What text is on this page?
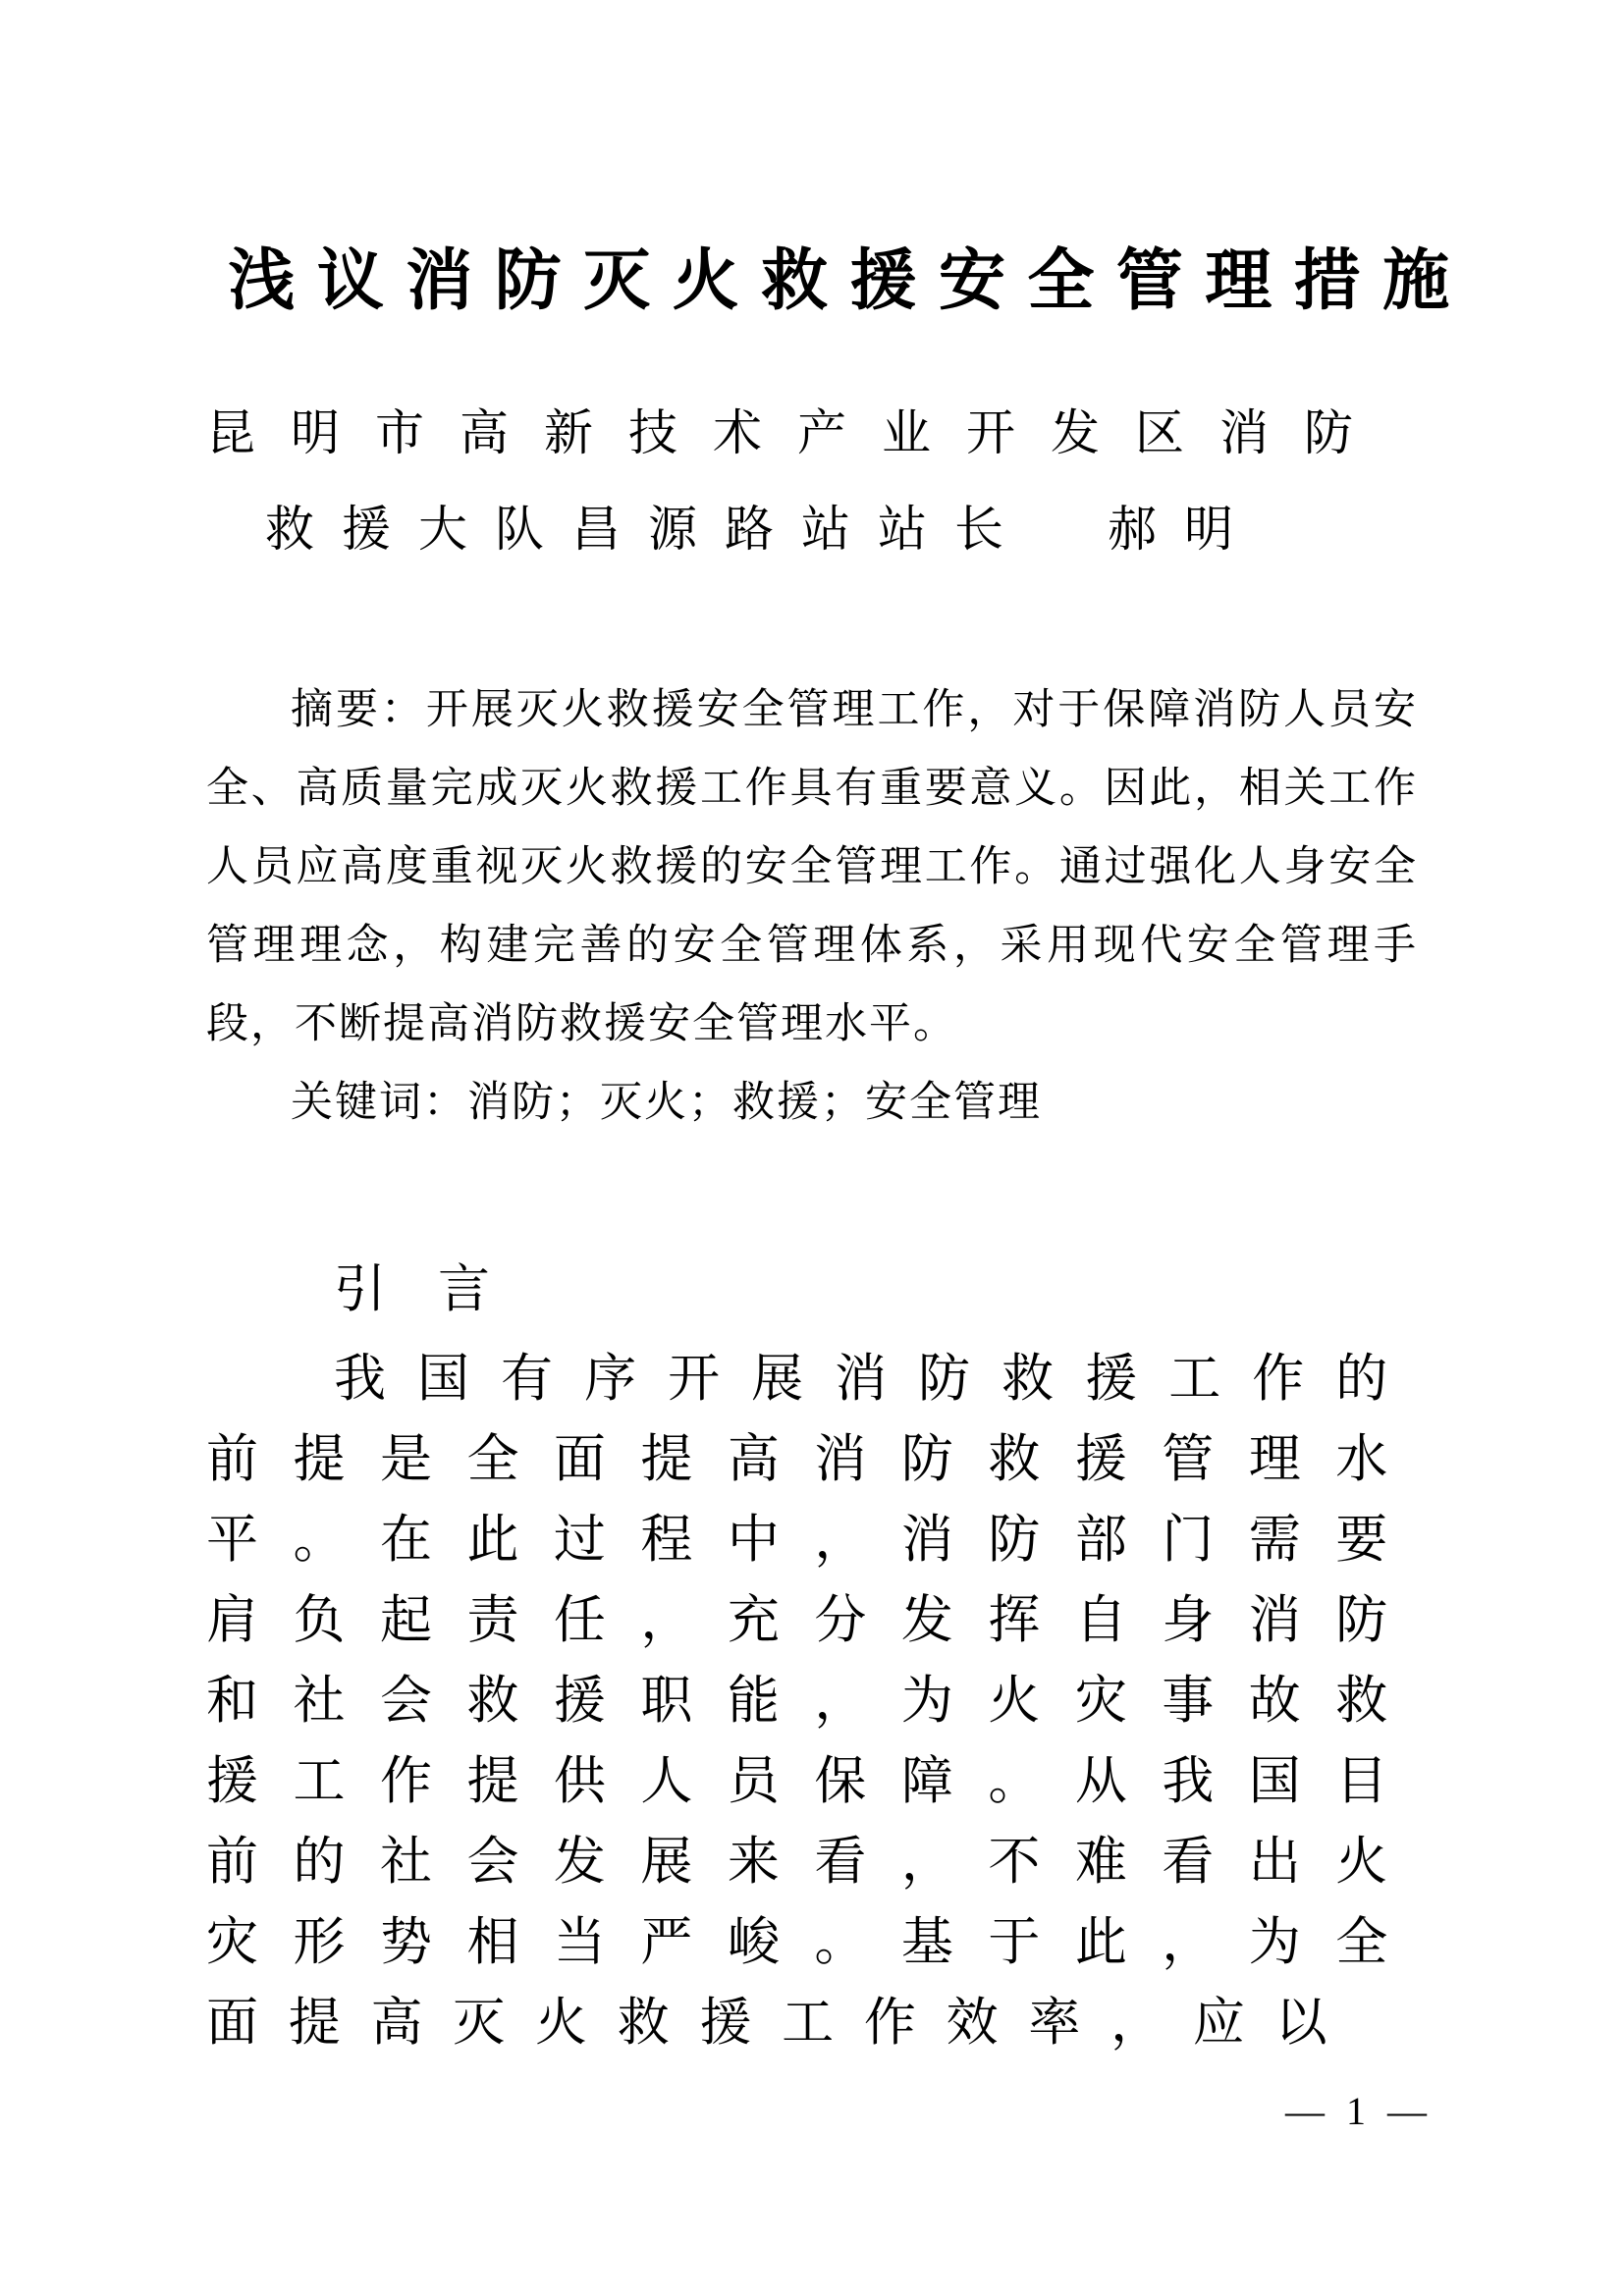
浅议消防灭火救援安全管理措施
昆明市高新技术产业开发区消防
救援大队昌源路站站长　郝明

摘要：开展灭火救援安全管理工作，对于保障消防人员安全、高质量完成灭火救援工作具有重要意义。因此，相关工作人员应高度重视灭火救援的安全管理工作。通过强化人身安全管理理念，构建完善的安全管理体系，采用现代安全管理手段，不断提高消防救援安全管理水平。

关键词：消防；灭火；救援；安全管理

引　言

我国有序开展消防救援工作的前提是全面提高消防救援管理水平。在此过程中，消防部门需要肩负起责任，充分发挥自身消防和社会救援职能，为火灾事故救援工作提供人员保障。从我国目前的社会发展来看，不难看出火灾形势相当严峻。基于此，为全面提高灭火救援工作效率，应以

— 1 —
